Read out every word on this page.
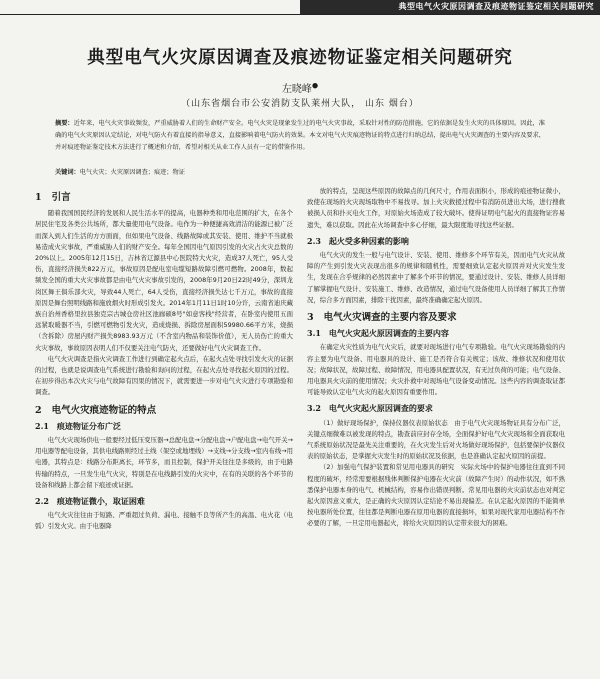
典型电气火灾原因调查及痕迹物证鉴定相关问题研究
典型电气火灾原因调查及痕迹物证鉴定相关问题研究
左晓峰●
（山东省烟台市公安消防支队莱州大队， 山东 烟台）
摘要：近年来，电气火灾事故频发，严重威胁着人们的生命财产安全。电气火灾是现象发生过的电气火灾事故，采取针对性的防范措施，它的依据是发生火灾的具体原因。因此，准确的电气火灾原因认定结论，对电气防火有着直接的指导意义，直接影响着电气防火的效果。本文对电气火灾痕迹物证的特点进行归纳总结，提出电气火灾调查的主要内容及要求，并对痕迹物证鉴定技术方法进行了概述和介绍，希望对相关从业工作人员有一定的借鉴作用。
关键词：电气火灾；火灾原因调查；痕迹；物证
1 引言

随着我国国民经济的发展和人民生活水平的提高，电器种类和用电范围的扩大，在各个居民住宅及各类公共场所，都大量使用电气设备。电作为一种便捷高效清洁的能源已被广泛而深入到人们生活的方方面面，但如果电气设备、线路故障或其安装、使用、维护不当就极易造成火灾事故，严重威胁人们的财产安全。每年全国因电气原因引发的火灾占火灾总数的20%以上。2005年12月15日，吉林省辽源县中心医院特大火灾，造成37人死亡，95人受伤，直接经济损失822万元，事故原因是配电室电缆短路故障引燃可燃物。2008年，数起频发全国的重大火灾事故都是由电气火灾事故引发的，2008年9月20日22时49分，深圳龙岗区舞王俱乐部火灾，导致44人死亡，64人受伤，直接经济损失达七千万元，事故的直接原因是舞台照明线路和施放烟火时形成引发火。2014年1月11日1时10分许，云南省迪庆藏族自治州香格里拉县独克宗古城仓房社区池廊硕8号"如意客栈"经营者，在卧室内使用五面远紧取暖器不当，引燃可燃物引发火灾，造成烧损、拆除房屋面积59980.66平方米，烧损（含拆除）房屋内财产损失8983.93万元（不含室内物品和装饰价值），无人员伤亡的重大火灾事故，事故原因表明人们不仅要关注电气防火，还要做好电气火灾调查工作。

电气火灾调查是指火灾调查工作进行到确定起火点后，在起火点处寻找引发火灾的证据的过程，也就是说调查电气系统进行勘验和询问的过程，在起火点处寻找起火原因的过程。在初步得出本次火灾与电气故障有因果的情况下，就需要进一步对电气火灾进行专项勘验和调查。

2 电气火灾痕迹物证的特点
2.1 痕迹物证分布广泛

电气火灾现场供电一般要经过低压变压器→总配电盘→分配电盘→户配电盘→电气开关→用电器等配电设备，其供电线路则经过土线（架空或地埋线）→支线→分支线→室内布线→用电器，其特点是：线路分布距离长，环节多，而且控制，保护开关往往是多级的，由于电路传输的特点，一旦发生电气火灾，特别是在电线路引发的火灾中，在有的关联的各个环节的设备和线路上都会留下痕迹或证据。

2.2 痕迹物证微小，取证困难

电气火灾往往由于短路、严重超过负荷、漏电、接触不良等所产生的高温、电火花（电弧）引发火灾。由于电器降

放的特点，呈现这些原因的故障点的几何尺寸，作用表面积小，形成的痕迹物证微小，致使在现场的火灾现场取物中不易找寻。加上火灾救援过程中有消防员进出大场，进行搜救被损人员和扑灭电火工作，对原始火场造成了较大破坏。使得证明电气起火的直接物证容易遗失，难以获取。因此在火场调查中多心仔细，最大限度地寻找这些证据。

2.3 起火受多种因素的影响

电气火灾的发生一般与电气设计、安装、使用、维修多个环节有关，因而电气火灾从故障的产生到引发火灾表现出很多的规律和随机性，需要细致认定起火原因并对火灾发生发生，发现在合乎规律的必然因素中了解多个环节的情况，要通过设计、安装、维修人员详细了解掌握电气设计、安装施工、维修、改造情况，通过电气设备使用人员详细了解其工作情况，综合多方面因素，排除干扰因素，最终准确确定起火原因。

3 电气火灾调查的主要内容及要求
3.1 电气火灾起火原因调查的主要内容

在确定火灾性质为电气火灾后，就要对现场进行电气专项勘验。电气火灾现场勘验的内容主要为电气设备、用电器具的设计、施工是否符合有关规定；该故、维修状况和使用状况；故障状况，故障过程、故障情况，用电器具配置状况，有无过负荷的可能；电气设备、用电器具火灾前的使用情况；火灾扑救中对现场电气设备变动情况。这些内容的调查取证都可能导致认定电气火灾的起火原因有重要作用。

3.2 电气火灾起火原因调查的要求

（1）做好现场保护，保持仪器仪表原始状态　由于电气火灾现场物证具有分布广泛，关键点细微难以被发现的特点，勘查前应封存全场，全面保护好电气火灾现场和全面获取电气系统原始状况是最先关注重要的，在火灾发生后对火场做好现场保护，包括要保护仪器仪表的原始状态，是掌握火灾发生时的原始状况及依据，也是准确认定起火原因的前提。

（2）加强电气保护装置和常见用电器具的研究　实际火场中的保护电器往往直到不同程度的破坏，经常需要根据残体判断保护电器在火灾前（故障产生时）的动作状况，如不熟悉保护电器本身的电气、机械结构，容易作出错误判断。常见用电器的火灾前状态也对判定起火原因意义重大，是正确的火灾原因认定结论不易出现偏差。在认定起火原因的不能简单按电器所处位置，往往都是判断电器在原用电器的直接损坏，如果对现代家用电器结构不作必要的了解，一旦定用电器起火，将给火灾原因的认定带来很大的困难。
